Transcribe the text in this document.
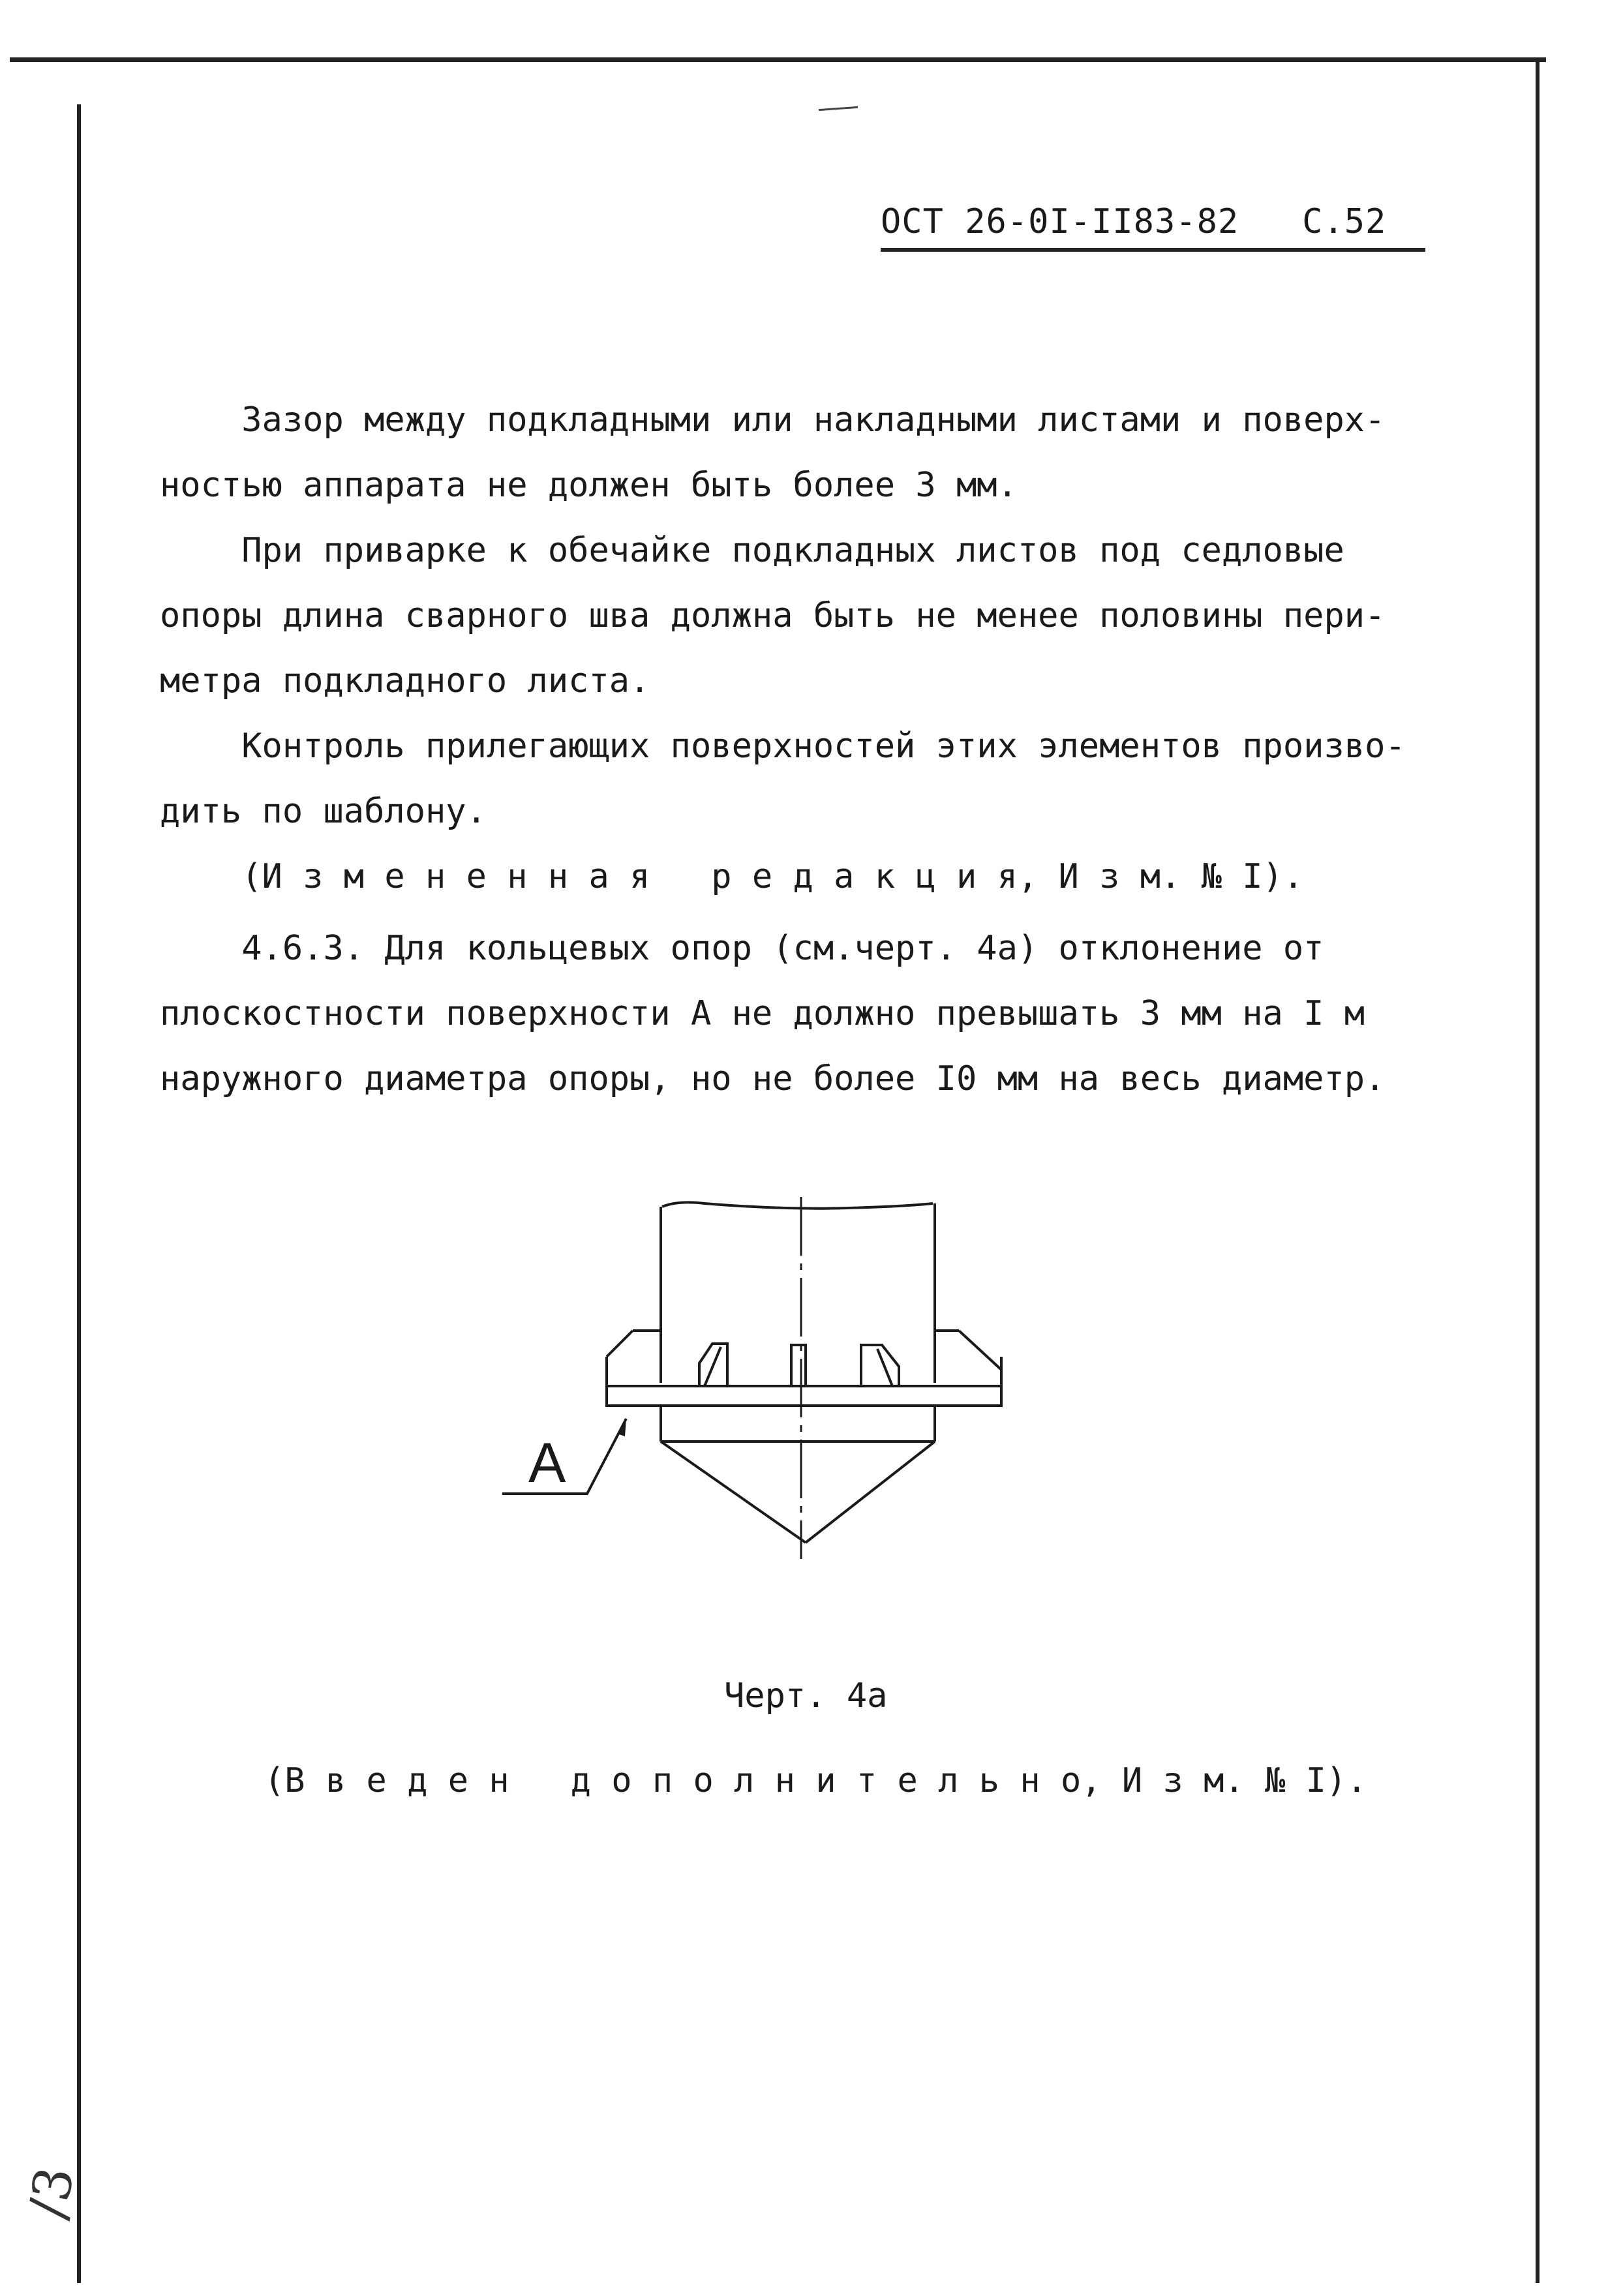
ОСТ 26-0I-II83-82 С.52
Зазор между подкладными или накладными листами и поверх-
ностью аппарата не должен быть более 3 мм.
При приварке к обечайке подкладных листов под седловые
опоры длина сварного шва должна быть не менее половины пери-
метра подкладного листа.
Контроль прилегающих поверхностей этих элементов произво-
дить по шаблону.
(И з м е н е н н а я   р е д а к ц и я, И з м. № I).
4.6.3. Для кольцевых опор (см.черт. 4а) отклонение от
плоскостности поверхности А не должно превышать 3 мм на I м
наружного диаметра опоры, но не более I0 мм на весь диаметр.
А
Черт. 4а
(В в е д е н   д о п о л н и т е л ь н о, И з м. № I).
/3
